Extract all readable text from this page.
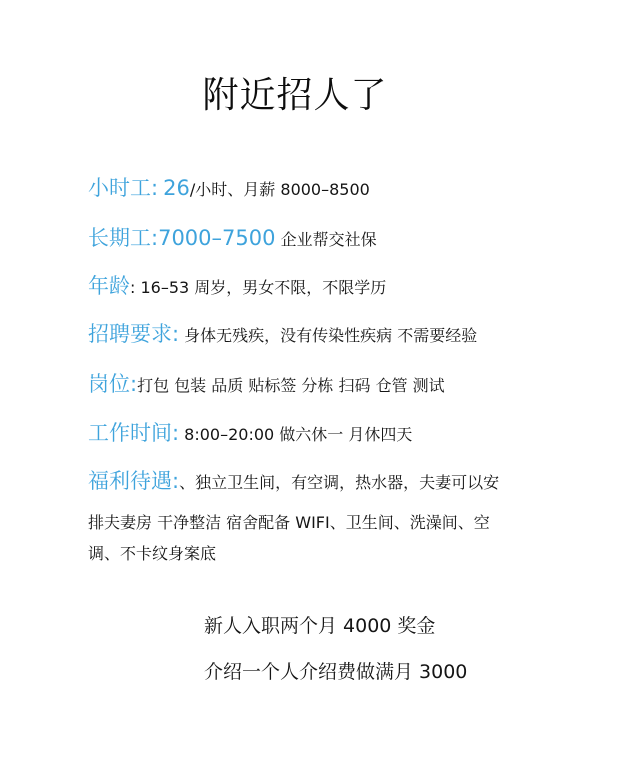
附近招人了
小时工: 26/小时、月薪 8000–8500
长期工:7000–7500 企业帮交社保
年龄: 16–53 周岁，男女不限，不限学历
招聘要求: 身体无残疾，没有传染性疾病 不需要经验
岗位:打包 包装 品质 贴标签 分栋 扫码 仓管 测试
工作时间: 8:00–20:00 做六休一 月休四天
福利待遇:、独立卫生间，有空调，热水器，夫妻可以安
排夫妻房 干净整洁 宿舍配备 WIFI、卫生间、洗澡间、空
调、不卡纹身案底
新人入职两个月 4000 奖金
介绍一个人介绍费做满月 3000
